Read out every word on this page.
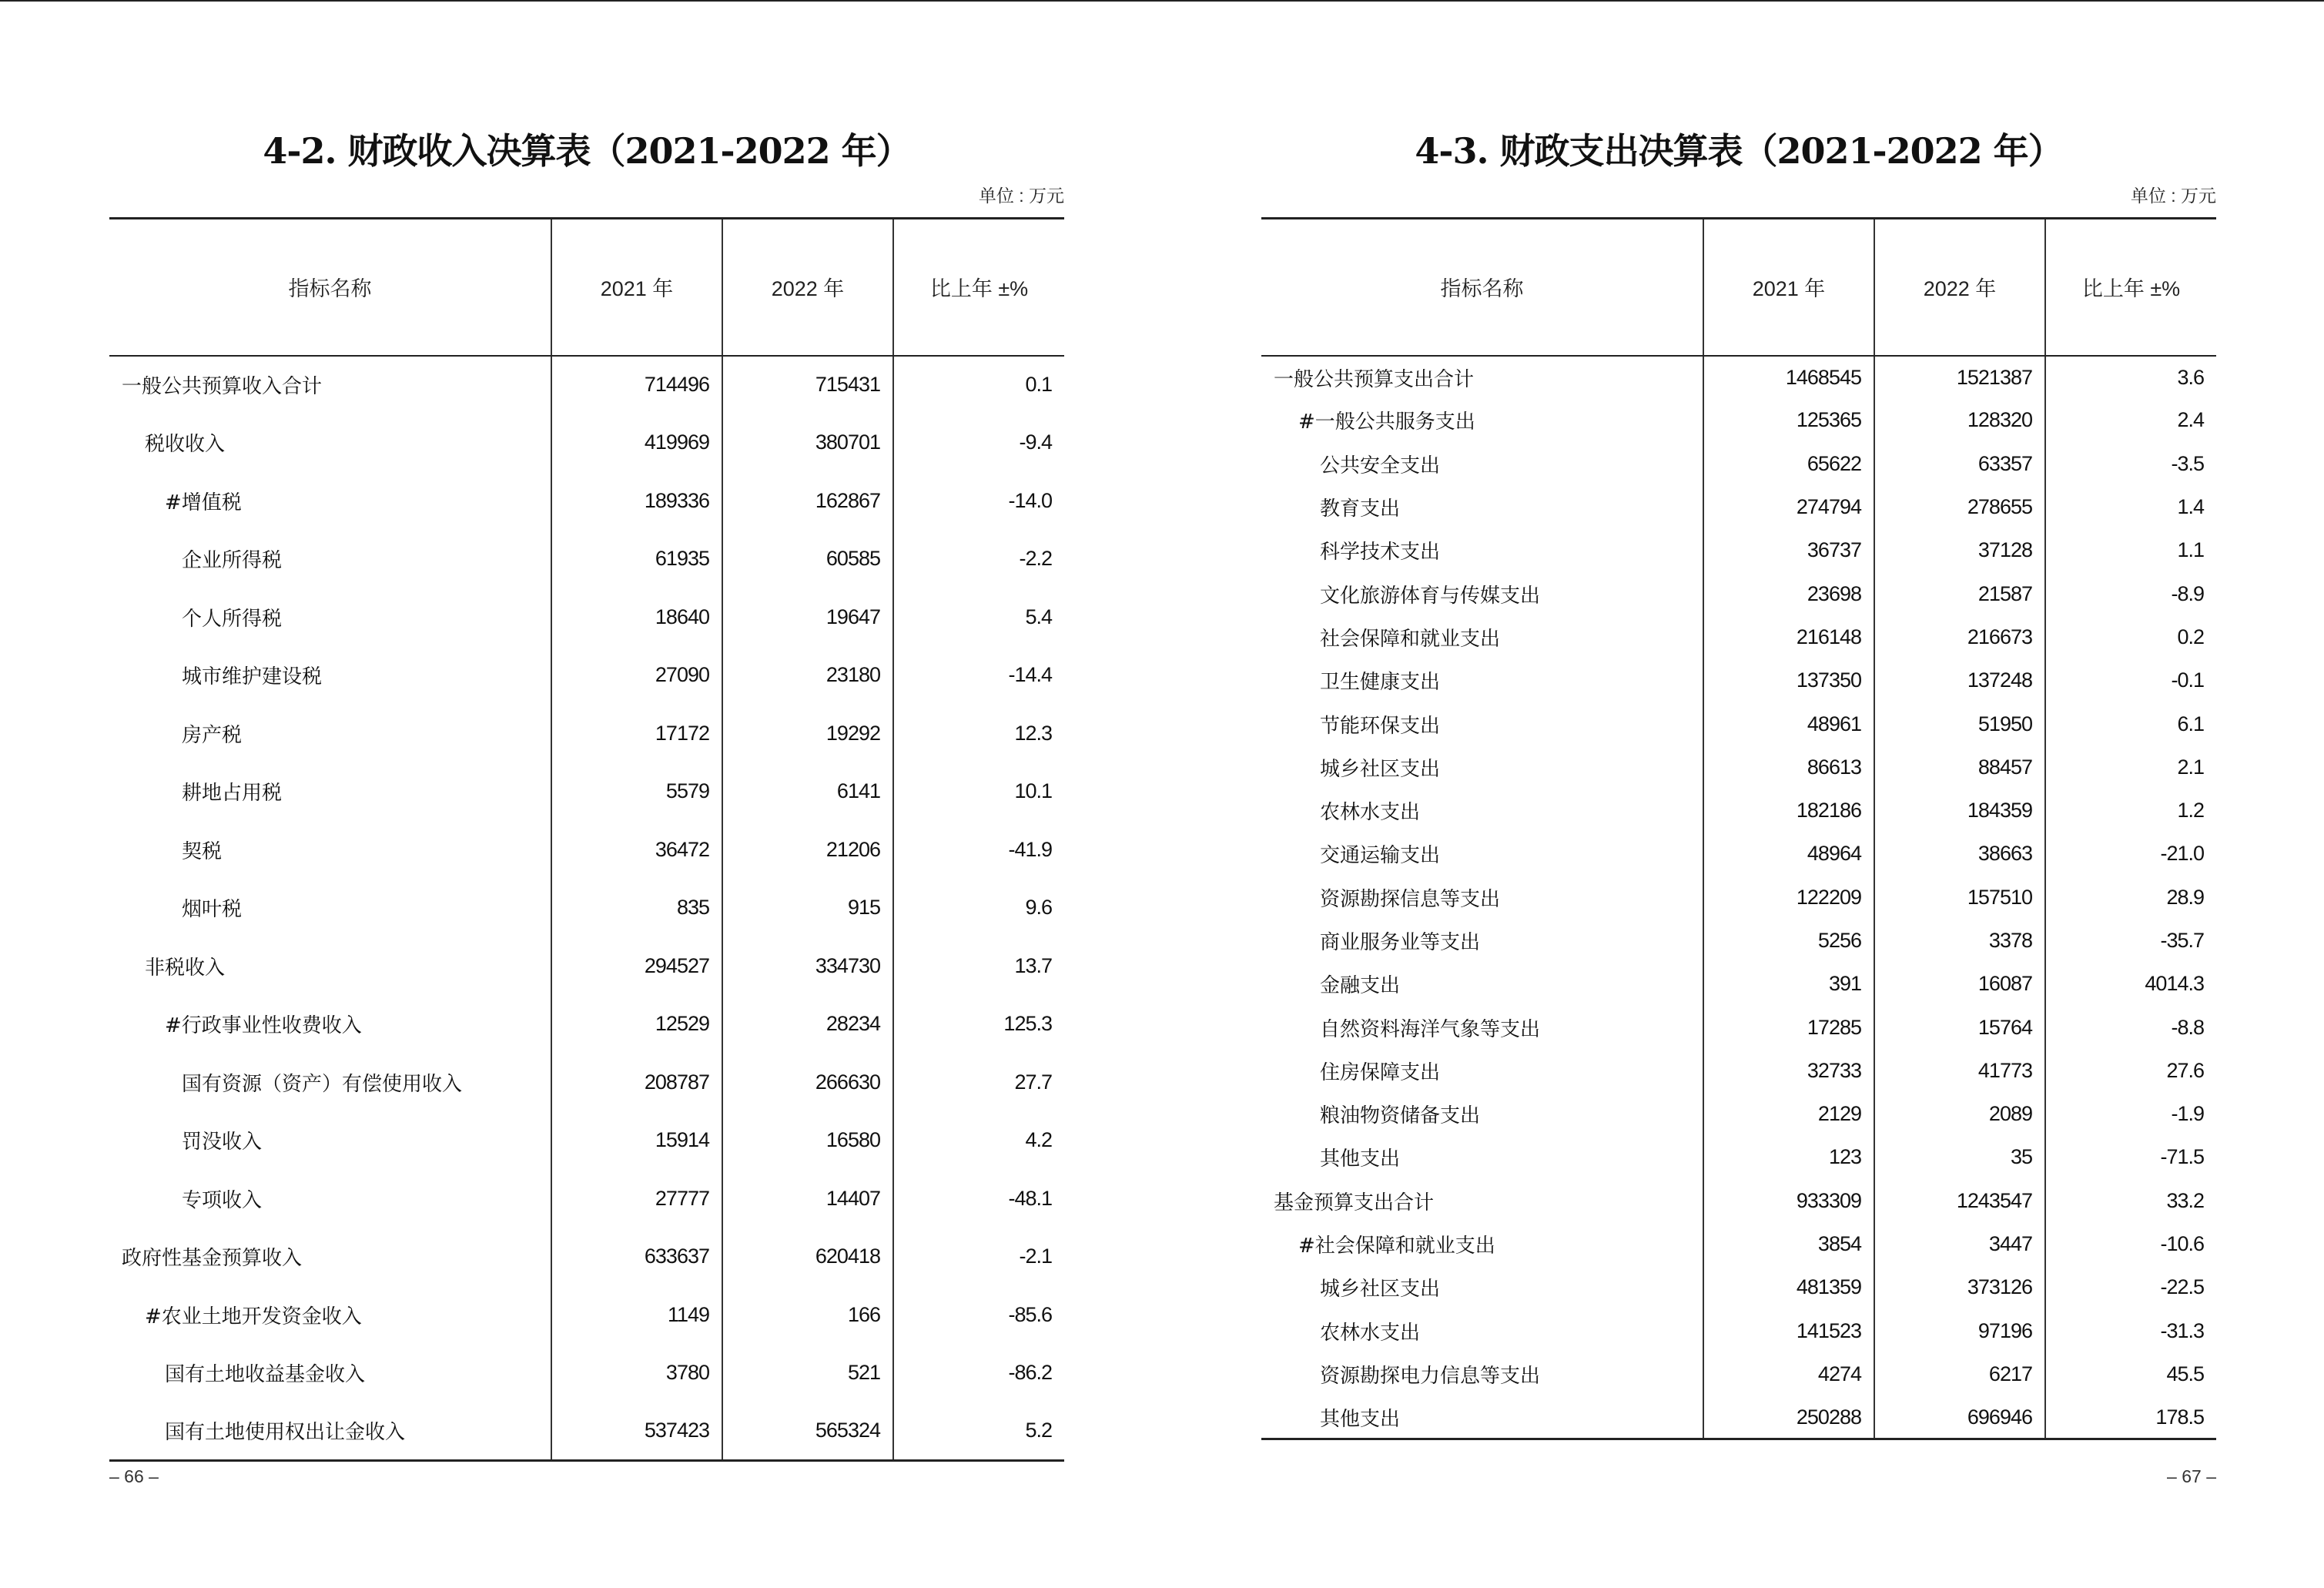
4-2. 财政收入决算表（2021-2022 年）
单位 : 万元
指标名称	2021 年	2022 年	比上年 ±%
一般公共预算收入合计	714496	715431	0.1
税收收入	419969	380701	-9.4
#增值税	189336	162867	-14.0
企业所得税	61935	60585	-2.2
个人所得税	18640	19647	5.4
城市维护建设税	27090	23180	-14.4
房产税	17172	19292	12.3
耕地占用税	5579	6141	10.1
契税	36472	21206	-41.9
烟叶税	835	915	9.6
非税收入	294527	334730	13.7
#行政事业性收费收入	12529	28234	125.3
国有资源（资产）有偿使用收入	208787	266630	27.7
罚没收入	15914	16580	4.2
专项收入	27777	14407	-48.1
政府性基金预算收入	633637	620418	-2.1
#农业土地开发资金收入	1149	166	-85.6
国有土地收益基金收入	3780	521	-86.2
国有土地使用权出让金收入	537423	565324	5.2
– 66 –
4-3. 财政支出决算表（2021-2022 年）
单位 : 万元
指标名称	2021 年	2022 年	比上年 ±%
一般公共预算支出合计	1468545	1521387	3.6
#一般公共服务支出	125365	128320	2.4
公共安全支出	65622	63357	-3.5
教育支出	274794	278655	1.4
科学技术支出	36737	37128	1.1
文化旅游体育与传媒支出	23698	21587	-8.9
社会保障和就业支出	216148	216673	0.2
卫生健康支出	137350	137248	-0.1
节能环保支出	48961	51950	6.1
城乡社区支出	86613	88457	2.1
农林水支出	182186	184359	1.2
交通运输支出	48964	38663	-21.0
资源勘探信息等支出	122209	157510	28.9
商业服务业等支出	5256	3378	-35.7
金融支出	391	16087	4014.3
自然资料海洋气象等支出	17285	15764	-8.8
住房保障支出	32733	41773	27.6
粮油物资储备支出	2129	2089	-1.9
其他支出	123	35	-71.5
基金预算支出合计	933309	1243547	33.2
#社会保障和就业支出	3854	3447	-10.6
城乡社区支出	481359	373126	-22.5
农林水支出	141523	97196	-31.3
资源勘探电力信息等支出	4274	6217	45.5
其他支出	250288	696946	178.5
– 67 –
